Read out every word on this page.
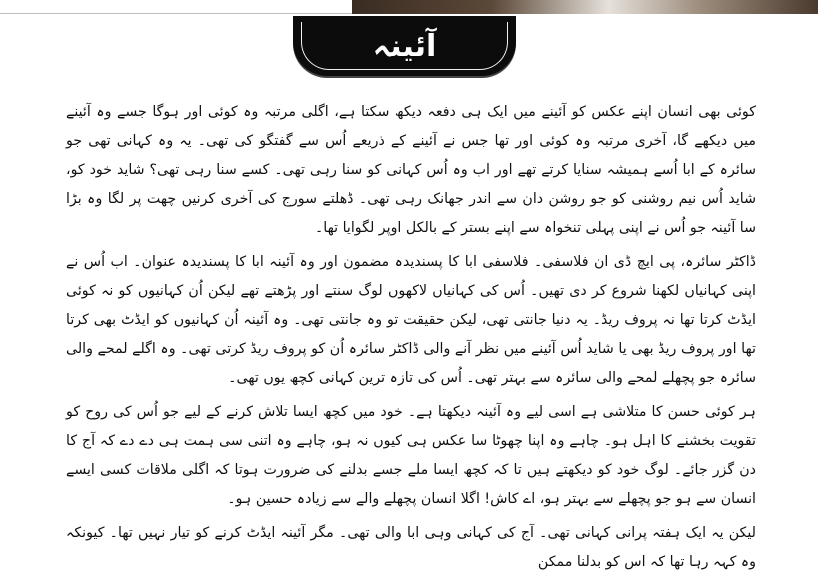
آئینہ

کوئی بھی انسان اپنے عکس کو آئینے میں ایک ہی دفعہ دیکھ سکتا ہے، اگلی مرتبہ وہ کوئی اور ہوگا جسے وہ آئینے میں دیکھے گا، آخری مرتبہ وہ کوئی اور تھا جس نے آئینے کے ذریعے اُس سے گفتگو کی تھی۔ یہ وہ کہانی تھی جو سائرہ کے ابا اُسے ہمیشہ سنایا کرتے تھے اور اب وہ اُس کہانی کو سنا رہی تھی۔ کسے سنا رہی تھی؟ شاید خود کو، شاید اُس نیم روشنی کو جو روشن دان سے اندر جھانک رہی تھی۔ ڈھلتے سورج کی آخری کرنیں چھت پر لگا وہ بڑا سا آئینہ جو اُس نے اپنی پہلی تنخواہ سے اپنے بستر کے بالکل اوپر لگوایا تھا۔

ڈاکٹر سائرہ، پی ایچ ڈی ان فلاسفی۔ فلاسفی ابا کا پسندیدہ مضمون اور وہ آئینہ ابا کا پسندیدہ عنوان۔ اب اُس نے اپنی کہانیاں لکھنا شروع کر دی تھیں۔ اُس کی کہانیاں لاکھوں لوگ سنتے اور پڑھتے تھے لیکن اُن کہانیوں کو نہ کوئی ایڈٹ کرتا تھا نہ پروف ریڈ۔ یہ دنیا جانتی تھی، لیکن حقیقت تو وہ جانتی تھی۔ وہ آئینہ اُن کہانیوں کو ایڈٹ بھی کرتا تھا اور پروف ریڈ بھی یا شاید اُس آئینے میں نظر آنے والی ڈاکٹر سائرہ اُن کو پروف ریڈ کرتی تھی۔ وہ اگلے لمحے والی سائرہ جو پچھلے لمحے والی سائرہ سے بہتر تھی۔ اُس کی تازہ ترین کہانی کچھ یوں تھی۔

ہر کوئی حسن کا متلاشی ہے اسی لیے وہ آئینہ دیکھتا ہے۔ خود میں کچھ ایسا تلاش کرنے کے لیے جو اُس کی روح کو تقویت بخشنے کا اہل ہو۔ چاہے وہ اپنا چھوٹا سا عکس ہی کیوں نہ ہو، چاہے وہ اتنی سی ہمت ہی دے دے کہ آج کا دن گزر جائے۔ لوگ خود کو دیکھتے ہیں تا کہ کچھ ایسا ملے جسے بدلنے کی ضرورت ہوتا کہ اگلی ملاقات کسی ایسے انسان سے ہو جو پچھلے سے بہتر ہو، اے کاش! اگلا انسان پچھلے والے سے زیادہ حسین ہو۔

لیکن یہ ایک ہفتہ پرانی کہانی تھی۔ آج کی کہانی وہی ابا والی تھی۔ مگر آئینہ ایڈٹ کرنے کو تیار نہیں تھا۔ کیونکہ وہ کہہ رہا تھا کہ اس کو بدلنا ممکن
